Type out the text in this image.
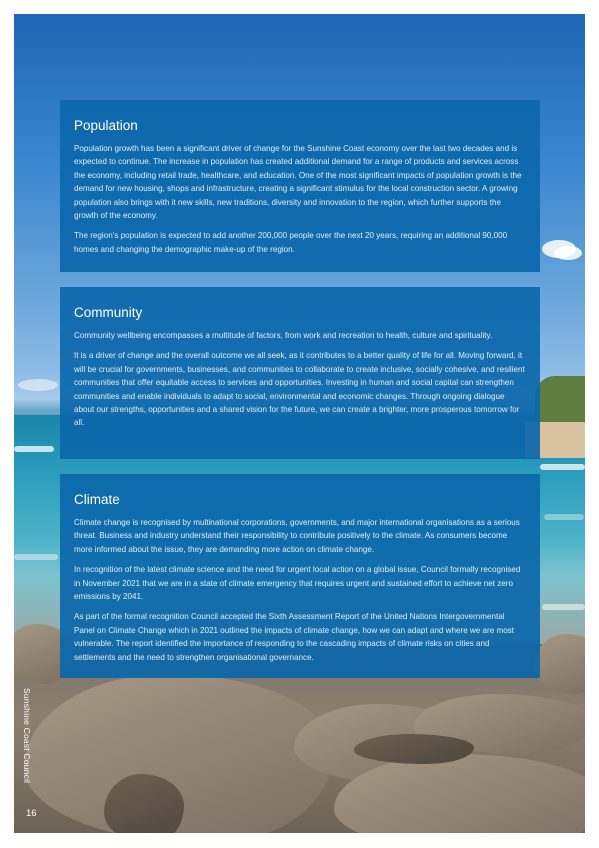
Population

Population growth has been a significant driver of change for the Sunshine Coast economy over the last two decades and is expected to continue. The increase in population has created additional demand for a range of products and services across the economy, including retail trade, healthcare, and education. One of the most significant impacts of population growth is the demand for new housing, shops and infrastructure, creating a significant stimulus for the local construction sector. A growing population also brings with it new skills, new traditions, diversity and innovation to the region, which further supports the growth of the economy.

The region’s population is expected to add another 200,000 people over the next 20 years, requiring an additional 90,000 homes and changing the demographic make-up of the region.

Community

Community wellbeing encompasses a multitude of factors, from work and recreation to health, culture and spirituality.

It is a driver of change and the overall outcome we all seek, as it contributes to a better quality of life for all. Moving forward, it will be crucial for governments, businesses, and communities to collaborate to create inclusive, socially cohesive, and resilient communities that offer equitable access to services and opportunities. Investing in human and social capital can strengthen communities and enable individuals to adapt to social, environmental and economic changes. Through ongoing dialogue about our strengths, opportunities and a shared vision for the future, we can create a brighter, more prosperous tomorrow for all.

Climate

Climate change is recognised by multinational corporations, governments, and major international organisations as a serious threat. Business and industry understand their responsibility to contribute positively to the climate. As consumers become more informed about the issue, they are demanding more action on climate change.

In recognition of the latest climate science and the need for urgent local action on a global issue, Council formally recognised in November 2021 that we are in a state of climate emergency that requires urgent and sustained effort to achieve net zero emissions by 2041.

As part of the formal recognition Council accepted the Sixth Assessment Report of the United Nations Intergovernmental Panel on Climate Change which in 2021 outlined the impacts of climate change, how we can adapt and where we are most vulnerable. The report identified the importance of responding to the cascading impacts of climate risks on cities and settlements and the need to strengthen organisational governance.

Sunshine Coast Council
16
